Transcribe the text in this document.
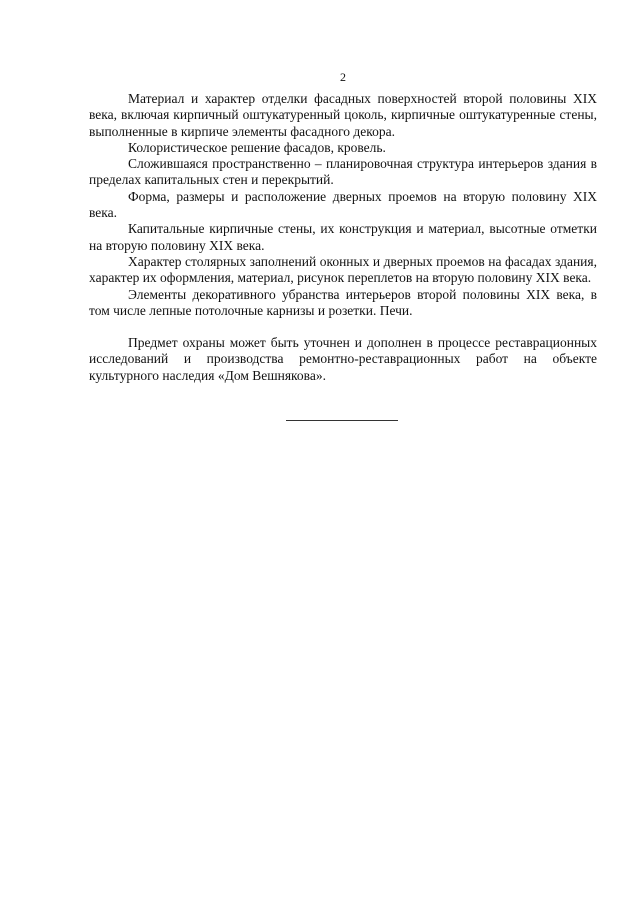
2

Материал и характер отделки фасадных поверхностей второй половины XIX века, включая кирпичный оштукатуренный цоколь, кирпичные оштукатуренные стены, выполненные в кирпиче элементы фасадного декора.

Колористическое решение фасадов, кровель.

Сложившаяся пространственно – планировочная структура интерьеров здания в пределах капитальных стен и перекрытий.

Форма, размеры и расположение дверных проемов на вторую половину XIX века.

Капитальные кирпичные стены, их конструкция и материал, высотные отметки на вторую половину XIX века.

Характер столярных заполнений оконных и дверных проемов на фасадах здания, характер их оформления, материал, рисунок переплетов на вторую половину XIX века.

Элементы декоративного убранства интерьеров второй половины XIX века, в том числе лепные потолочные карнизы и розетки. Печи.

Предмет охраны может быть уточнен и дополнен в процессе реставрационных исследований и производства ремонтно-реставрационных работ на объекте культурного наследия «Дом Вешнякова».
